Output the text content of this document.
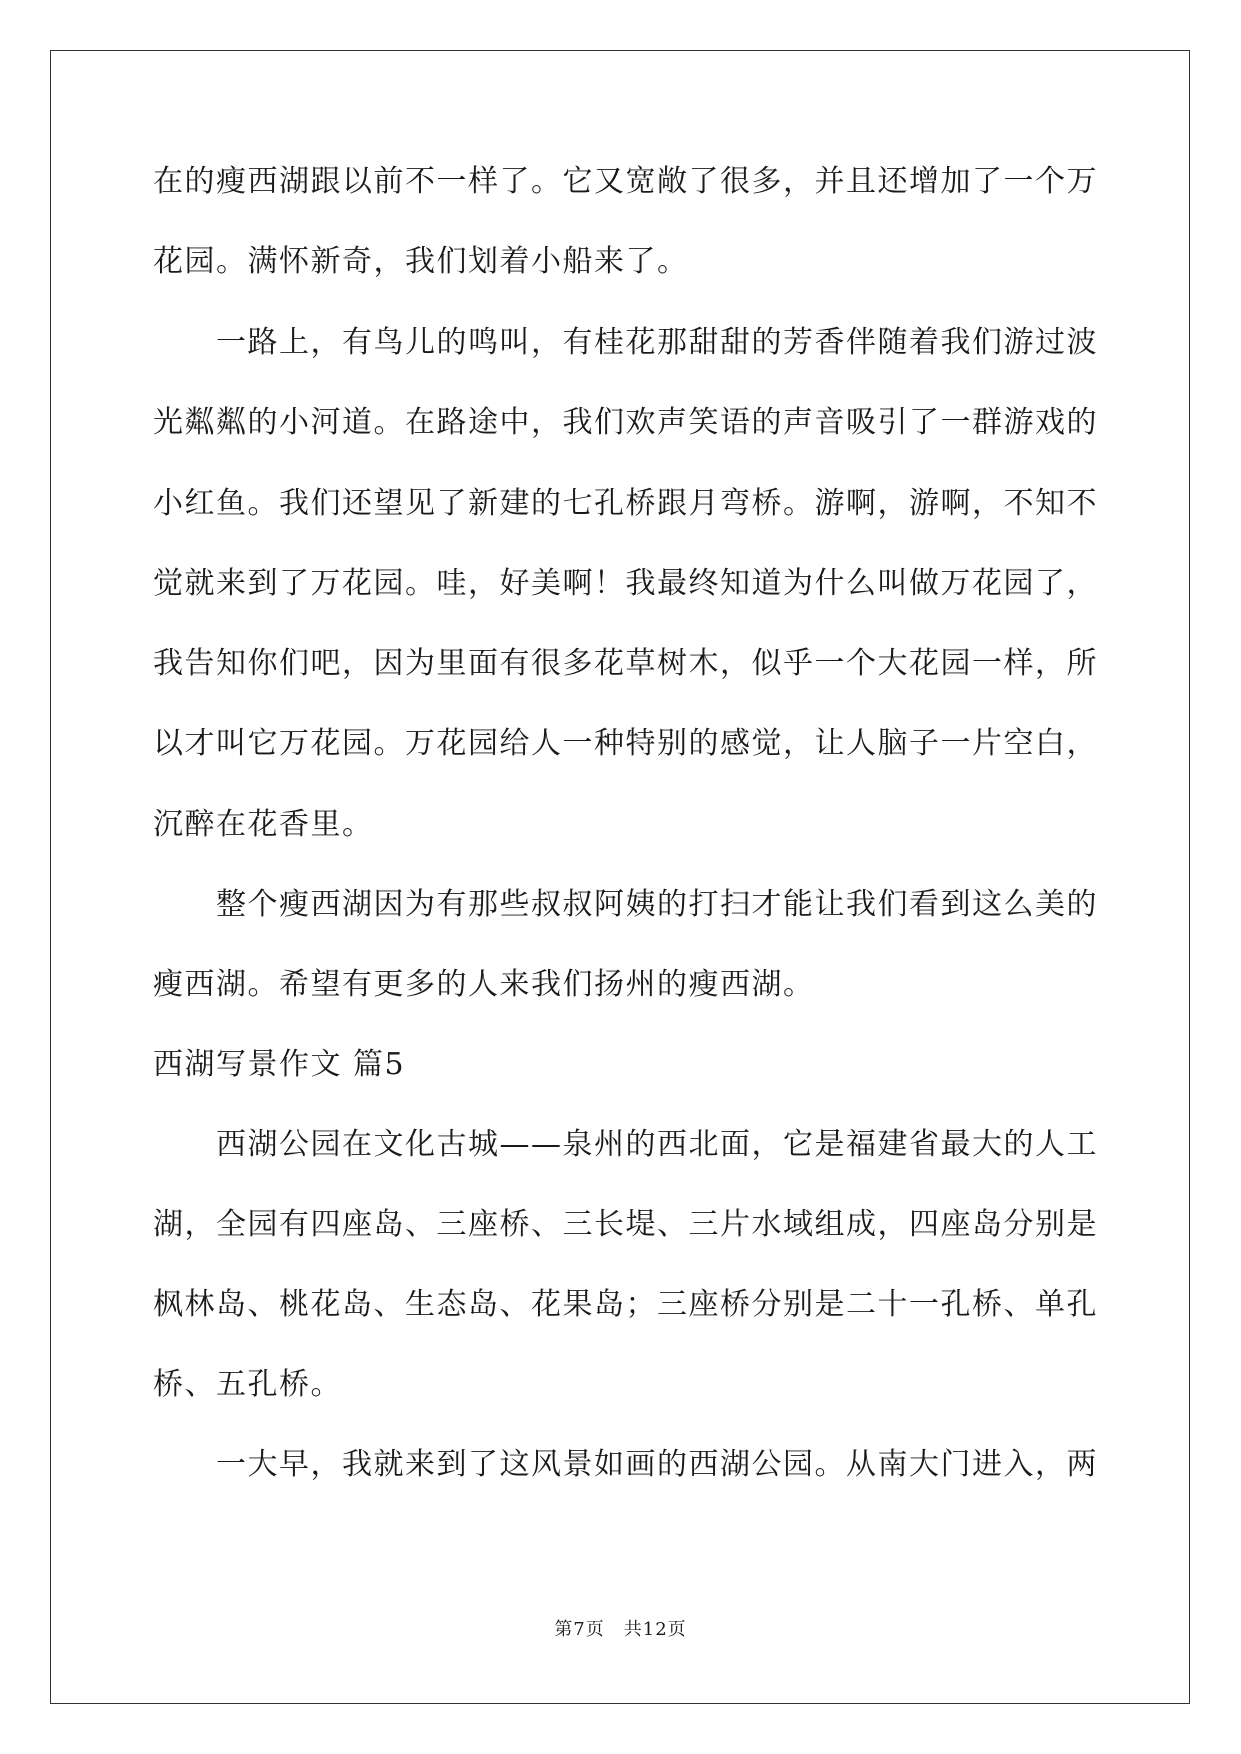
在的瘦西湖跟以前不一样了。它又宽敞了很多，并且还增加了一个万
花园。满怀新奇，我们划着小船来了。
　　一路上，有鸟儿的鸣叫，有桂花那甜甜的芳香伴随着我们游过波
光粼粼的小河道。在路途中，我们欢声笑语的声音吸引了一群游戏的
小红鱼。我们还望见了新建的七孔桥跟月弯桥。游啊，游啊，不知不
觉就来到了万花园。哇，好美啊！我最终知道为什么叫做万花园了，
我告知你们吧，因为里面有很多花草树木，似乎一个大花园一样，所
以才叫它万花园。万花园给人一种特别的感觉，让人脑子一片空白，
沉醉在花香里。
　　整个瘦西湖因为有那些叔叔阿姨的打扫才能让我们看到这么美的
瘦西湖。希望有更多的人来我们扬州的瘦西湖。
西湖写景作文 篇5
　　西湖公园在文化古城——泉州的西北面，它是福建省最大的人工
湖，全园有四座岛、三座桥、三长堤、三片水域组成，四座岛分别是
枫林岛、桃花岛、生态岛、花果岛；三座桥分别是二十一孔桥、单孔
桥、五孔桥。
　　一大早，我就来到了这风景如画的西湖公园。从南大门进入，两
第7页　共12页
